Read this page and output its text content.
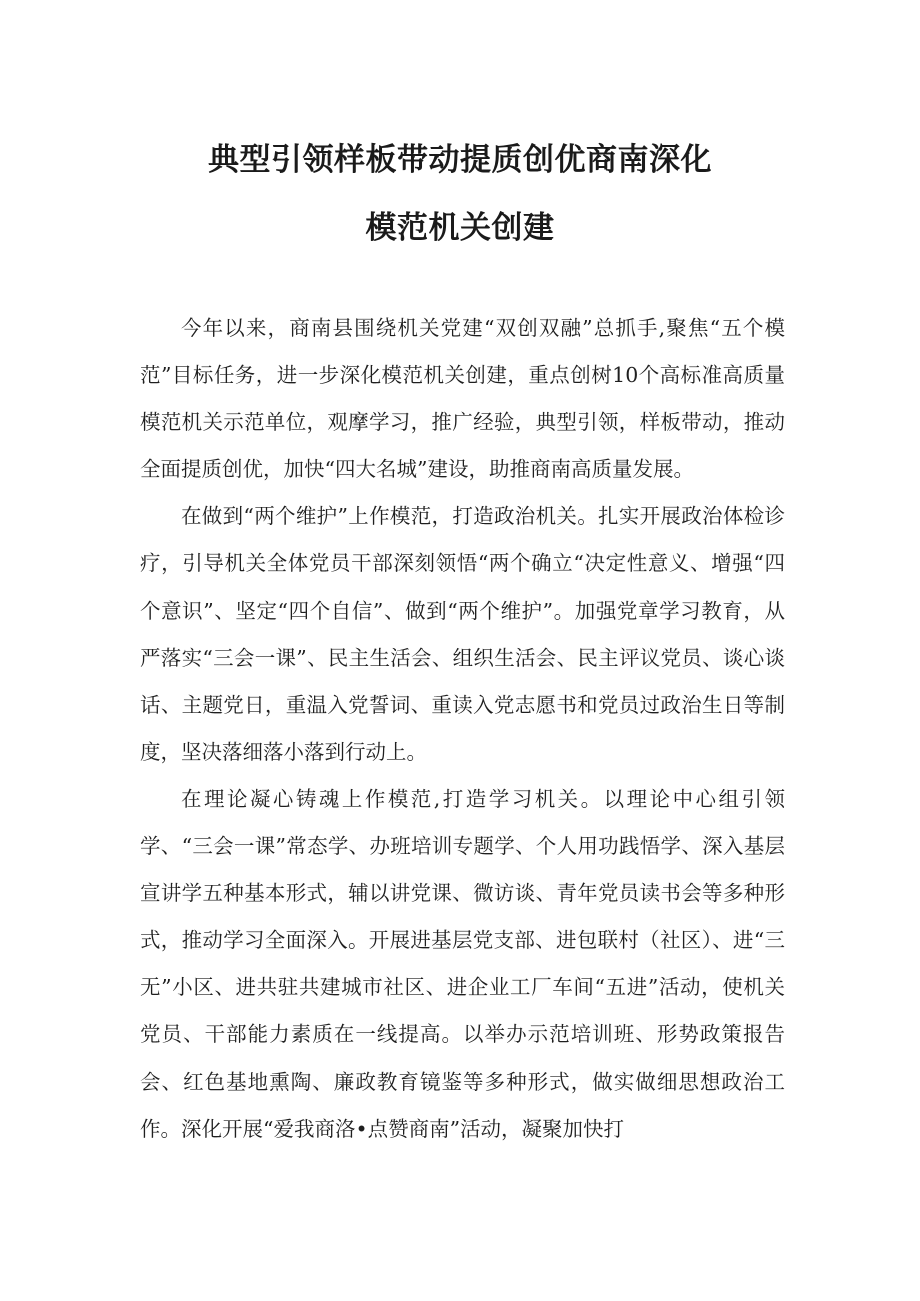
典型引领样板带动提质创优商南深化
模范机关创建

今年以来，商南县围绕机关党建“双创双融”总抓手,聚焦“五个模范”目标任务，进一步深化模范机关创建，重点创树10个高标准高质量模范机关示范单位，观摩学习，推广经验，典型引领，样板带动，推动全面提质创优，加快“四大名城”建设，助推商南高质量发展。

在做到“两个维护”上作模范，打造政治机关。扎实开展政治体检诊疗，引导机关全体党员干部深刻领悟“两个确立“决定性意义、增强“四个意识”、坚定“四个自信”、做到“两个维护”。加强党章学习教育，从严落实“三会一课”、民主生活会、组织生活会、民主评议党员、谈心谈话、主题党日，重温入党誓词、重读入党志愿书和党员过政治生日等制度，坚决落细落小落到行动上。

在理论凝心铸魂上作模范,打造学习机关。以理论中心组引领学、“三会一课”常态学、办班培训专题学、个人用功践悟学、深入基层宣讲学五种基本形式，辅以讲党课、微访谈、青年党员读书会等多种形式，推动学习全面深入。开展进基层党支部、进包联村（社区）、进“三无”小区、进共驻共建城市社区、进企业工厂车间“五进”活动，使机关党员、干部能力素质在一线提高。以举办示范培训班、形势政策报告会、红色基地熏陶、廉政教育镜鉴等多种形式，做实做细思想政治工作。深化开展“爱我商洛•点赞商南”活动，凝聚加快打
